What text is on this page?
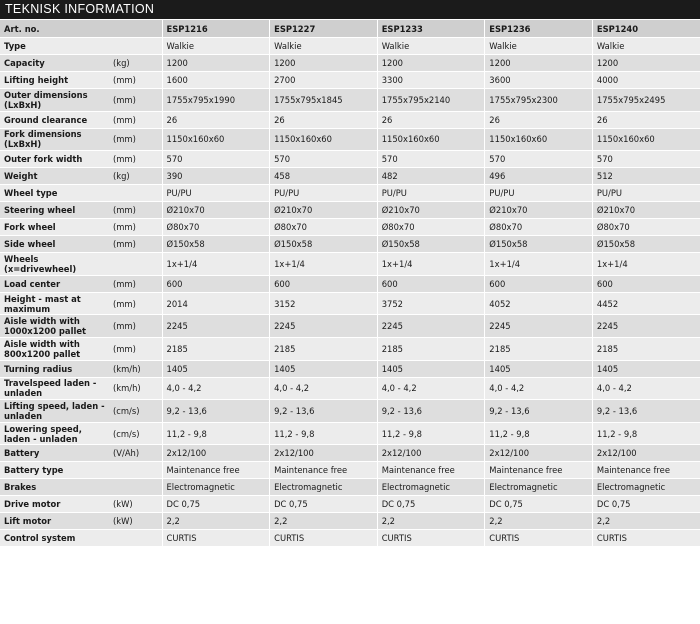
TEKNISK INFORMATION
Art. no.		ESP1216	ESP1227	ESP1233	ESP1236	ESP1240
Type		Walkie	Walkie	Walkie	Walkie	Walkie
Capacity	(kg)	1200	1200	1200	1200	1200
Lifting height	(mm)	1600	2700	3300	3600	4000
Outer dimensions (LxBxH)	(mm)	1755x795x1990	1755x795x1845	1755x795x2140	1755x795x2300	1755x795x2495
Ground clearance	(mm)	26	26	26	26	26
Fork dimensions (LxBxH)	(mm)	1150x160x60	1150x160x60	1150x160x60	1150x160x60	1150x160x60
Outer fork width	(mm)	570	570	570	570	570
Weight	(kg)	390	458	482	496	512
Wheel type		PU/PU	PU/PU	PU/PU	PU/PU	PU/PU
Steering wheel	(mm)	Ø210x70	Ø210x70	Ø210x70	Ø210x70	Ø210x70
Fork wheel	(mm)	Ø80x70	Ø80x70	Ø80x70	Ø80x70	Ø80x70
Side wheel	(mm)	Ø150x58	Ø150x58	Ø150x58	Ø150x58	Ø150x58
Wheels (x=drivewheel)		1x+1/4	1x+1/4	1x+1/4	1x+1/4	1x+1/4
Load center	(mm)	600	600	600	600	600
Height - mast at maximum	(mm)	2014	3152	3752	4052	4452
Aisle width with 1000x1200 pallet	(mm)	2245	2245	2245	2245	2245
Aisle width with 800x1200 pallet	(mm)	2185	2185	2185	2185	2185
Turning radius	(km/h)	1405	1405	1405	1405	1405
Travelspeed laden - unladen	(km/h)	4,0 - 4,2	4,0 - 4,2	4,0 - 4,2	4,0 - 4,2	4,0 - 4,2
Lifting speed, laden - unladen	(cm/s)	9,2 - 13,6	9,2 - 13,6	9,2 - 13,6	9,2 - 13,6	9,2 - 13,6
Lowering speed, laden - unladen	(cm/s)	11,2 - 9,8	11,2 - 9,8	11,2 - 9,8	11,2 - 9,8	11,2 - 9,8
Battery	(V/Ah)	2x12/100	2x12/100	2x12/100	2x12/100	2x12/100
Battery type		Maintenance free	Maintenance free	Maintenance free	Maintenance free	Maintenance free
Brakes		Electromagnetic	Electromagnetic	Electromagnetic	Electromagnetic	Electromagnetic
Drive motor	(kW)	DC 0,75	DC 0,75	DC 0,75	DC 0,75	DC 0,75
Lift motor	(kW)	2,2	2,2	2,2	2,2	2,2
Control system		CURTIS	CURTIS	CURTIS	CURTIS	CURTIS
